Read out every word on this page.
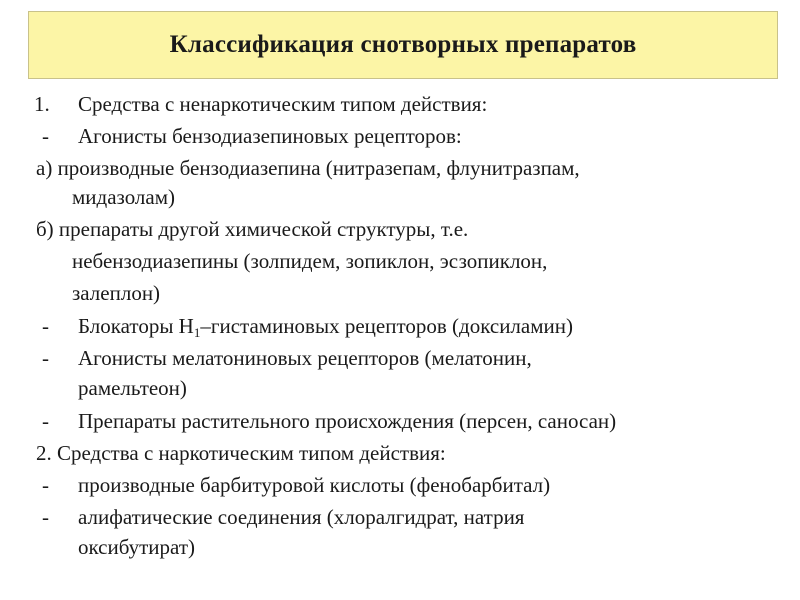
Классификация снотворных препаратов
1. Средства с ненаркотическим типом действия:
- Агонисты бензодиазепиновых рецепторов:
а) производные бензодиазепина (нитразепам, флунитразпам,
мидазолам)
б) препараты другой химической структуры, т.е.
небензодиазепины (золпидем, зопиклон, эсзопиклон,
залеплон)
- Блокаторы $Н_1$–гистаминовых рецепторов (доксиламин)
- Агонисты мелатониновых рецепторов (мелатонин,
рамельтеон)
- Препараты растительного происхождения (персен, саносан)
2. Средства с наркотическим типом действия:
- производные барбитуровой кислоты (фенобарбитал)
- алифатические соединения (хлоралгидрат, натрия
оксибутират)
